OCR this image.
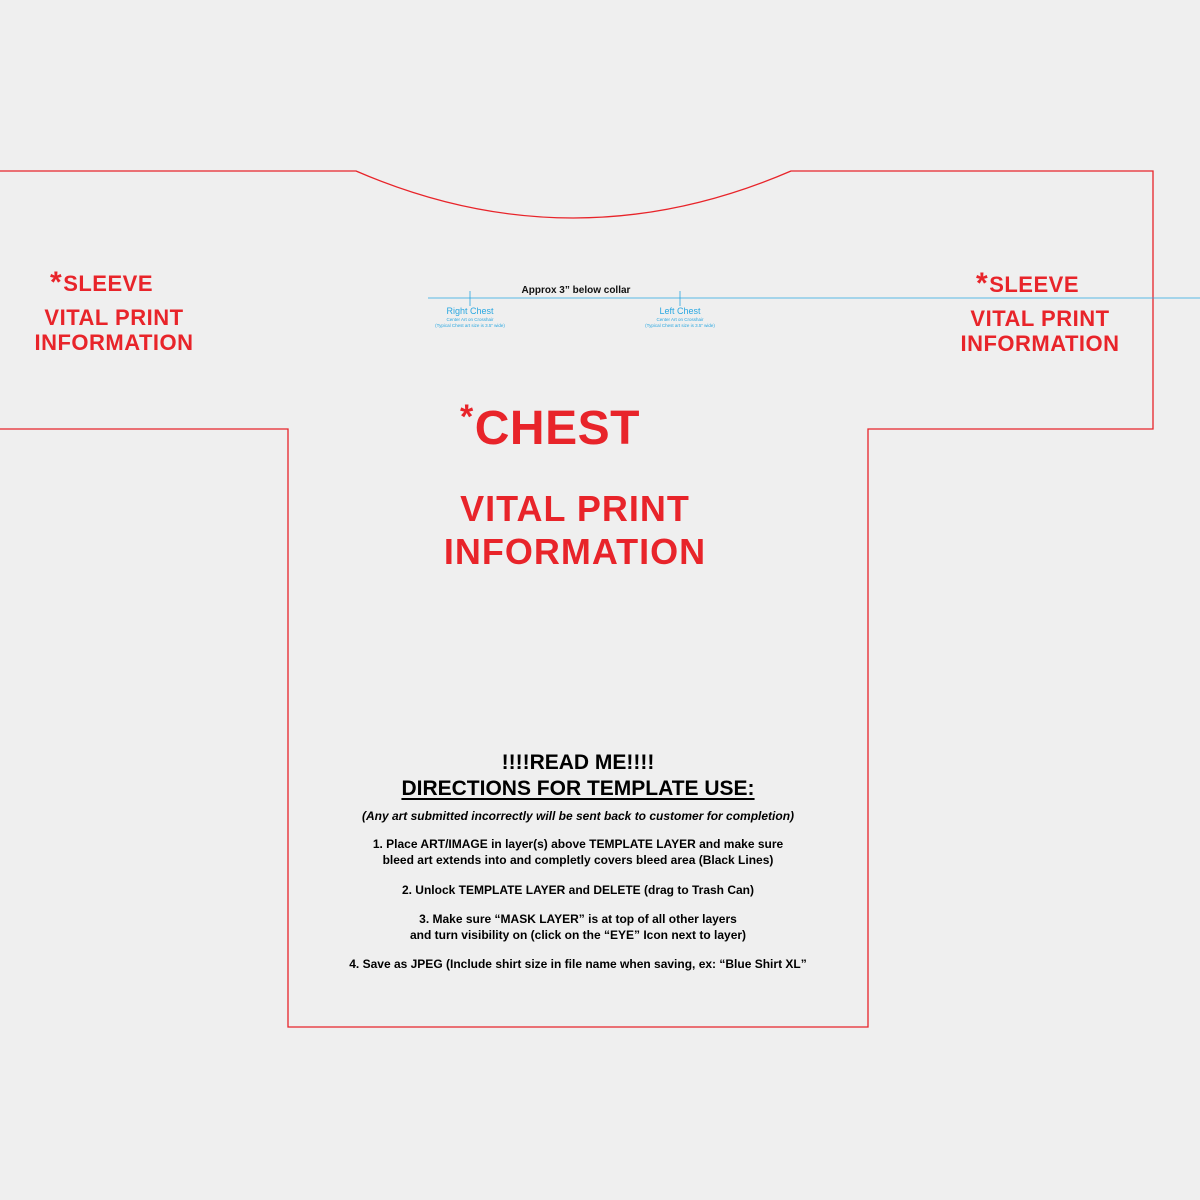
*SLEEVE
VITAL PRINT
INFORMATION
*SLEEVE
VITAL PRINT
INFORMATION
Approx 3” below collar
Right Chest
Center Art on Crosshair
(Typical Chest art size is 3.5” wide)
Left Chest
Center Art on Crosshair
(Typical Chest art size is 3.5” wide)
*CHEST
VITAL PRINT
INFORMATION
!!!!READ ME!!!!
DIRECTIONS FOR TEMPLATE USE:
(Any art submitted incorrectly will be sent back to customer for completion)
1. Place ART/IMAGE in layer(s) above TEMPLATE LAYER and make sure
bleed art extends into and completly covers bleed area (Black Lines)
2. Unlock TEMPLATE LAYER and DELETE (drag to Trash Can)
3. Make sure “MASK LAYER” is at top of all other layers
and turn visibility on (click on the “EYE” Icon next to layer)
4. Save as JPEG (Include shirt size in file name when saving, ex: “Blue Shirt XL”
